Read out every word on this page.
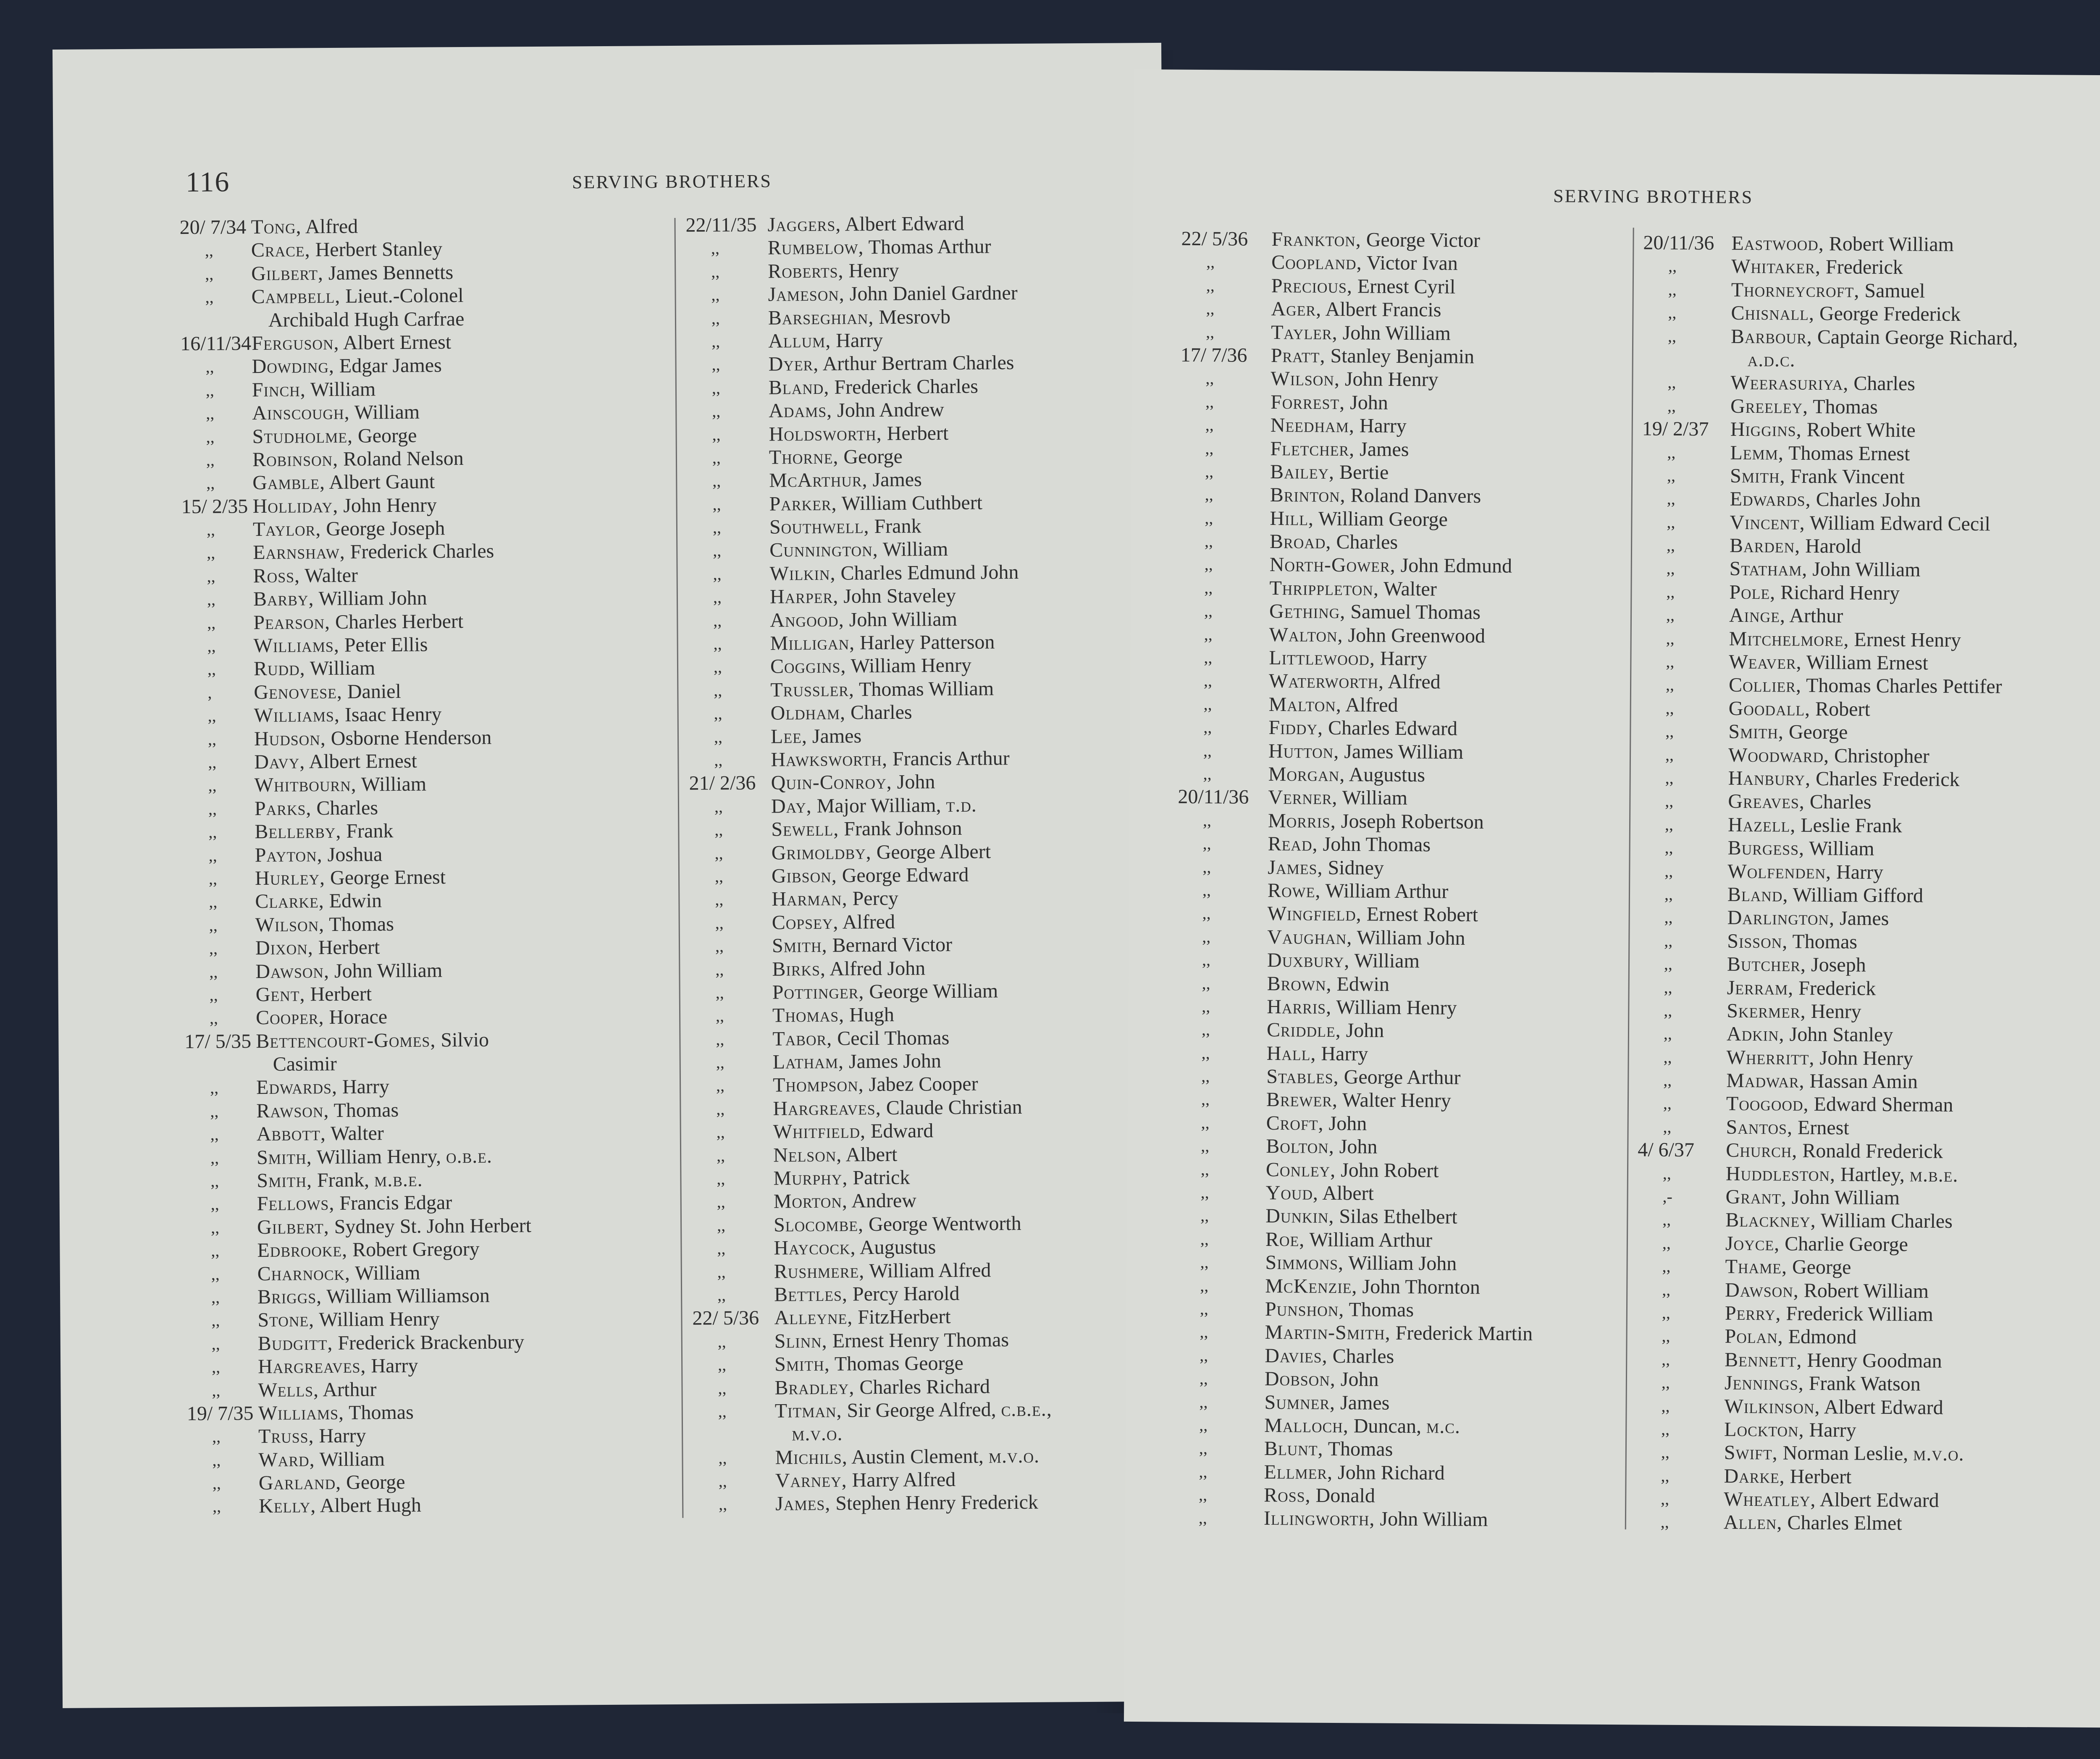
116	SERVING BROTHERS
20/ 7/34 Tong, Alfred
,, Crace, Herbert Stanley
,, Gilbert, James Bennetts
,, Campbell, Lieut.-Colonel
Archibald Hugh Carfrae
16/11/34 Ferguson, Albert Ernest
,, Dowding, Edgar James
,, Finch, William
,, Ainscough, William
,, Studholme, George
,, Robinson, Roland Nelson
,, Gamble, Albert Gaunt
15/ 2/35 Holliday, John Henry
,, Taylor, George Joseph
,, Earnshaw, Frederick Charles
,, Ross, Walter
,, Barby, William John
,, Pearson, Charles Herbert
,, Williams, Peter Ellis
,, Rudd, William
, Genovese, Daniel
,, Williams, Isaac Henry
,, Hudson, Osborne Henderson
,, Davy, Albert Ernest
,, Whitbourn, William
,, Parks, Charles
,, Bellerby, Frank
,, Payton, Joshua
,, Hurley, George Ernest
,, Clarke, Edwin
,, Wilson, Thomas
,, Dixon, Herbert
,, Dawson, John William
,, Gent, Herbert
,, Cooper, Horace
17/ 5/35 Bettencourt-Gomes, Silvio
Casimir
,, Edwards, Harry
,, Rawson, Thomas
,, Abbott, Walter
,, Smith, William Henry, o.b.e.
,, Smith, Frank, m.b.e.
,, Fellows, Francis Edgar
,, Gilbert, Sydney St. John Herbert
,, Edbrooke, Robert Gregory
,, Charnock, William
,, Briggs, William Williamson
,, Stone, William Henry
,, Budgitt, Frederick Brackenbury
,, Hargreaves, Harry
,, Wells, Arthur
19/ 7/35 Williams, Thomas
,, Truss, Harry
,, Ward, William
,, Garland, George
,, Kelly, Albert Hugh
22/11/35 Jaggers, Albert Edward
,, Rumbelow, Thomas Arthur
,, Roberts, Henry
,, Jameson, John Daniel Gardner
,, Barseghian, Mesrovb
,, Allum, Harry
,, Dyer, Arthur Bertram Charles
,, Bland, Frederick Charles
,, Adams, John Andrew
,, Holdsworth, Herbert
,, Thorne, George
,, McArthur, James
,, Parker, William Cuthbert
,, Southwell, Frank
,, Cunnington, William
,, Wilkin, Charles Edmund John
,, Harper, John Staveley
,, Angood, John William
,, Milligan, Harley Patterson
,, Coggins, William Henry
,, Trussler, Thomas William
,, Oldham, Charles
,, Lee, James
,, Hawksworth, Francis Arthur
21/ 2/36 Quin-Conroy, John
,, Day, Major William, t.d.
,, Sewell, Frank Johnson
,, Grimoldby, George Albert
,, Gibson, George Edward
,, Harman, Percy
,, Copsey, Alfred
,, Smith, Bernard Victor
,, Birks, Alfred John
,, Pottinger, George William
,, Thomas, Hugh
,, Tabor, Cecil Thomas
,, Latham, James John
,, Thompson, Jabez Cooper
,, Hargreaves, Claude Christian
,, Whitfield, Edward
,, Nelson, Albert
,, Murphy, Patrick
,, Morton, Andrew
,, Slocombe, George Wentworth
,, Haycock, Augustus
,, Rushmere, William Alfred
,, Bettles, Percy Harold
22/ 5/36 Alleyne, FitzHerbert
,, Slinn, Ernest Henry Thomas
,, Smith, Thomas George
,, Bradley, Charles Richard
,, Titman, Sir George Alfred, c.b.e.,
m.v.o.
,, Michils, Austin Clement, m.v.o.
,, Varney, Harry Alfred
,, James, Stephen Henry Frederick
SERVING BROTHERS
22/ 5/36 Frankton, George Victor
,,	Coopland, Victor Ivan
,,	Precious, Ernest Cyril
,,	Ager, Albert Francis
,,	Tayler, John William
17/ 7/36 Pratt, Stanley Benjamin
,,	Wilson, John Henry
,,	Forrest, John
,,	Needham, Harry
,,	Fletcher, James
,,	Bailey, Bertie
,,	Brinton, Roland Danvers
,,	Hill, William George
,,	Broad, Charles
,,	North-Gower, John Edmund
,,	Thrippleton, Walter
,,	Gething, Samuel Thomas
,,	Walton, John Greenwood
,,	Littlewood, Harry
,,	Waterworth, Alfred
,,	Malton, Alfred
,,	Fiddy, Charles Edward
,,	Hutton, James William
,,	Morgan, Augustus
20/11/36 Verner, William
,,	Morris, Joseph Robertson
,,	Read, John Thomas
,,	James, Sidney
,,	Rowe, William Arthur
,,	Wingfield, Ernest Robert
,,	Vaughan, William John
,,	Duxbury, William
,,	Brown, Edwin
,,	Harris, William Henry
,,	Criddle, John
,,	Hall, Harry
,,	Stables, George Arthur
,,	Brewer, Walter Henry
,,	Croft, John
,,	Bolton, John
,,	Conley, John Robert
,,	Youd, Albert
,,	Dunkin, Silas Ethelbert
,,	Roe, William Arthur
,,	Simmons, William John
,,	McKenzie, John Thornton
,,	Punshon, Thomas
,,	Martin-Smith, Frederick Martin
,,	Davies, Charles
,,	Dobson, John
,,	Sumner, James
,,	Malloch, Duncan, m.c.
,,	Blunt, Thomas
,,	Ellmer, John Richard
,,	Ross, Donald
,,	Illingworth, John William
20/11/36 Eastwood, Robert William
,,	Whitaker, Frederick
,,	Thorneycroft, Samuel
,,	Chisnall, George Frederick
,,	Barbour, Captain George Richard,
a.d.c.
,,	Weerasuriya, Charles
,,	Greeley, Thomas
19/ 2/37 Higgins, Robert White
,,	Lemm, Thomas Ernest
,,	Smith, Frank Vincent
,,	Edwards, Charles John
,,	Vincent, William Edward Cecil
,,	Barden, Harold
,,	Statham, John William
,,	Pole, Richard Henry
,,	Ainge, Arthur
,,	Mitchelmore, Ernest Henry
,,	Weaver, William Ernest
,,	Collier, Thomas Charles Pettifer
,,	Goodall, Robert
,,	Smith, George
,,	Woodward, Christopher
,,	Hanbury, Charles Frederick
,,	Greaves, Charles
,,	Hazell, Leslie Frank
,,	Burgess, William
,,	Wolfenden, Harry
,,	Bland, William Gifford
,,	Darlington, James
,,	Sisson, Thomas
,,	Butcher, Joseph
,,	Jerram, Frederick
,,	Skermer, Henry
,,	Adkin, John Stanley
,,	Wherritt, John Henry
,,	Madwar, Hassan Amin
,,	Toogood, Edward Sherman
,,	Santos, Ernest
4/ 6/37 Church, Ronald Frederick
,,	Huddleston, Hartley, m.b.e.
,-	Grant, John William
,,	Blackney, William Charles
,,	Joyce, Charlie George
,,	Thame, George
,,	Dawson, Robert William
,,	Perry, Frederick William
,,	Polan, Edmond
,,	Bennett, Henry Goodman
,,	Jennings, Frank Watson
,,	Wilkinson, Albert Edward
,,	Lockton, Harry
,,	Swift, Norman Leslie, m.v.o.
,,	Darke, Herbert
,,	Wheatley, Albert Edward
,,	Allen, Charles Elmet
